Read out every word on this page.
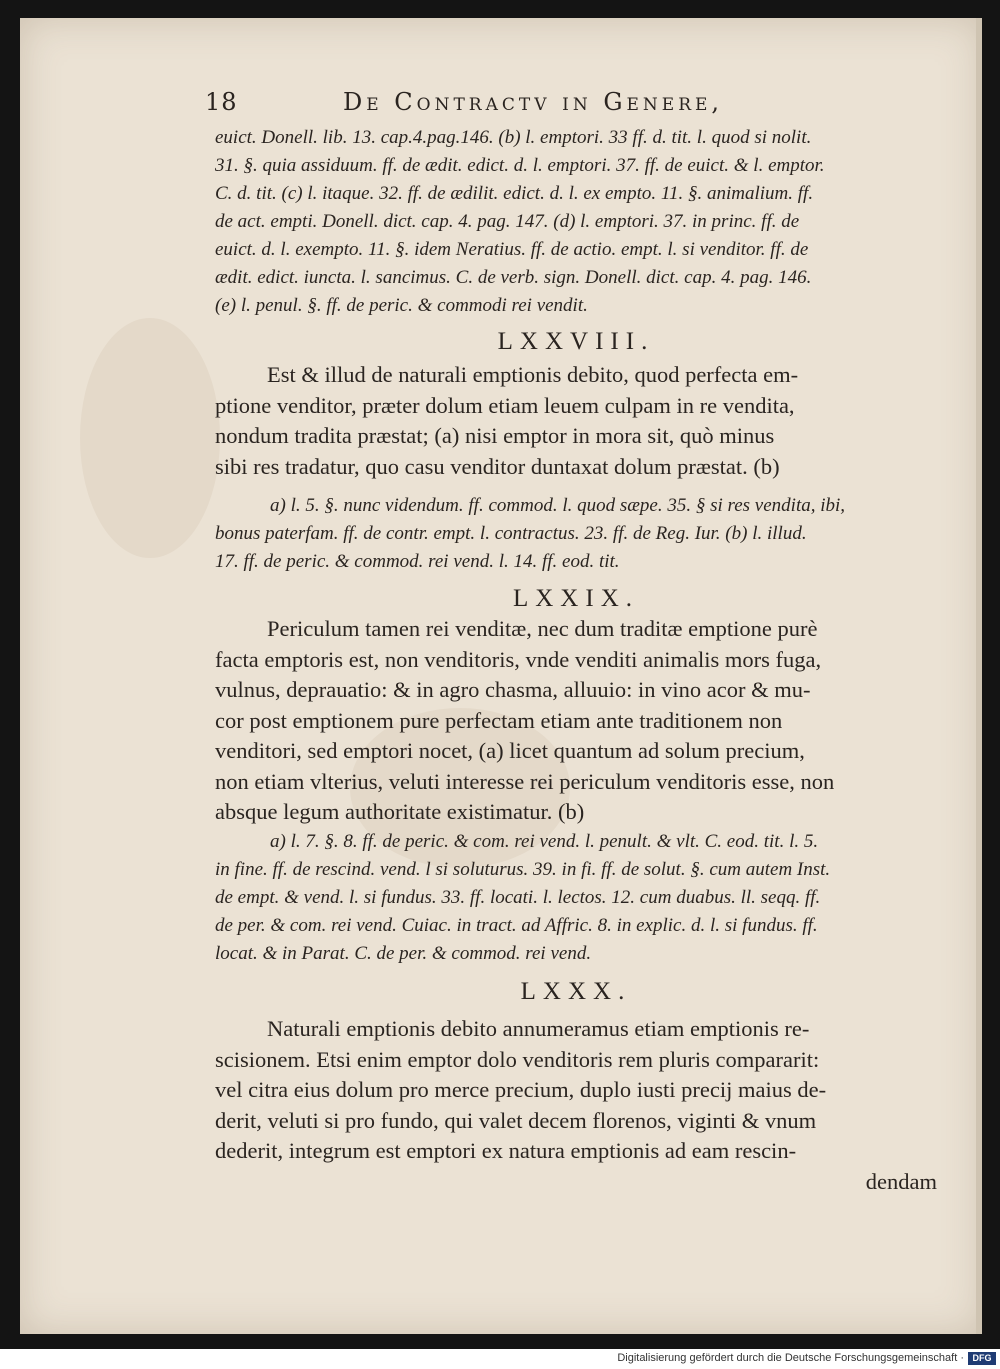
18	De Contractv in Genere,
euict. Donell. lib. 13. cap.4.pag.146. (b) l. emptori. 33 ff. d. tit. l. quod si nolit.
31. §. quia assiduum. ff. de ædit. edict. d. l. emptori. 37. ff. de euict. & l. emptor.
C. d. tit. (c) l. itaque. 32. ff. de ædilit. edict. d. l. ex empto. 11. §. animalium. ff.
de act. empti. Donell. dict. cap. 4. pag. 147. (d) l. emptori. 37. in princ. ff. de
euict. d. l. exempto. 11. §. idem Neratius. ff. de actio. empt. l. si venditor. ff. de
ædit. edict. iuncta. l. sancimus. C. de verb. sign. Donell. dict. cap. 4. pag. 146.
(e) l. penul. §. ff. de peric. & commodi rei vendit.
LXXVIII.
Est & illud de naturali emptionis debito, quod perfecta em-
ptione venditor, præter dolum etiam leuem culpam in re vendita,
nondum tradita præstat; (a) nisi emptor in mora sit, quò minus
sibi res tradatur, quo casu venditor duntaxat dolum præstat. (b)
a) l. 5. §. nunc videndum. ff. commod. l. quod sæpe. 35. § si res vendita, ibi,
bonus paterfam. ff. de contr. empt. l. contractus. 23. ff. de Reg. Iur. (b) l. illud.
17. ff. de peric. & commod. rei vend. l. 14. ff. eod. tit.
LXXIX.
Periculum tamen rei venditæ, nec dum traditæ emptione purè
facta emptoris est, non venditoris, vnde venditi animalis mors fuga,
vulnus, deprauatio: & in agro chasma, alluuio: in vino acor & mu-
cor post emptionem pure perfectam etiam ante traditionem non
venditori, sed emptori nocet, (a) licet quantum ad solum precium,
non etiam vlterius, veluti interesse rei periculum venditoris esse, non
absque legum authoritate existimatur. (b)
a) l. 7. §. 8. ff. de peric. & com. rei vend. l. penult. & vlt. C. eod. tit. l. 5.
in fine. ff. de rescind. vend. l si soluturus. 39. in fi. ff. de solut. §. cum autem Inst.
de empt. & vend. l. si fundus. 33. ff. locati. l. lectos. 12. cum duabus. ll. seqq. ff.
de per. & com. rei vend. Cuiac. in tract. ad Affric. 8. in explic. d. l. si fundus. ff.
locat. & in Parat. C. de per. & commod. rei vend.
LXXX.
Naturali emptionis debito annumeramus etiam emptionis re-
scisionem. Etsi enim emptor dolo venditoris rem pluris compararit:
vel citra eius dolum pro merce precium, duplo iusti precij maius de-
derit, veluti si pro fundo, qui valet decem florenos, viginti & vnum
dederit, integrum est emptori ex natura emptionis ad eam rescin-
dendam
Digitalisierung gefördert durch die Deutsche Forschungsgemeinschaft · DFG
